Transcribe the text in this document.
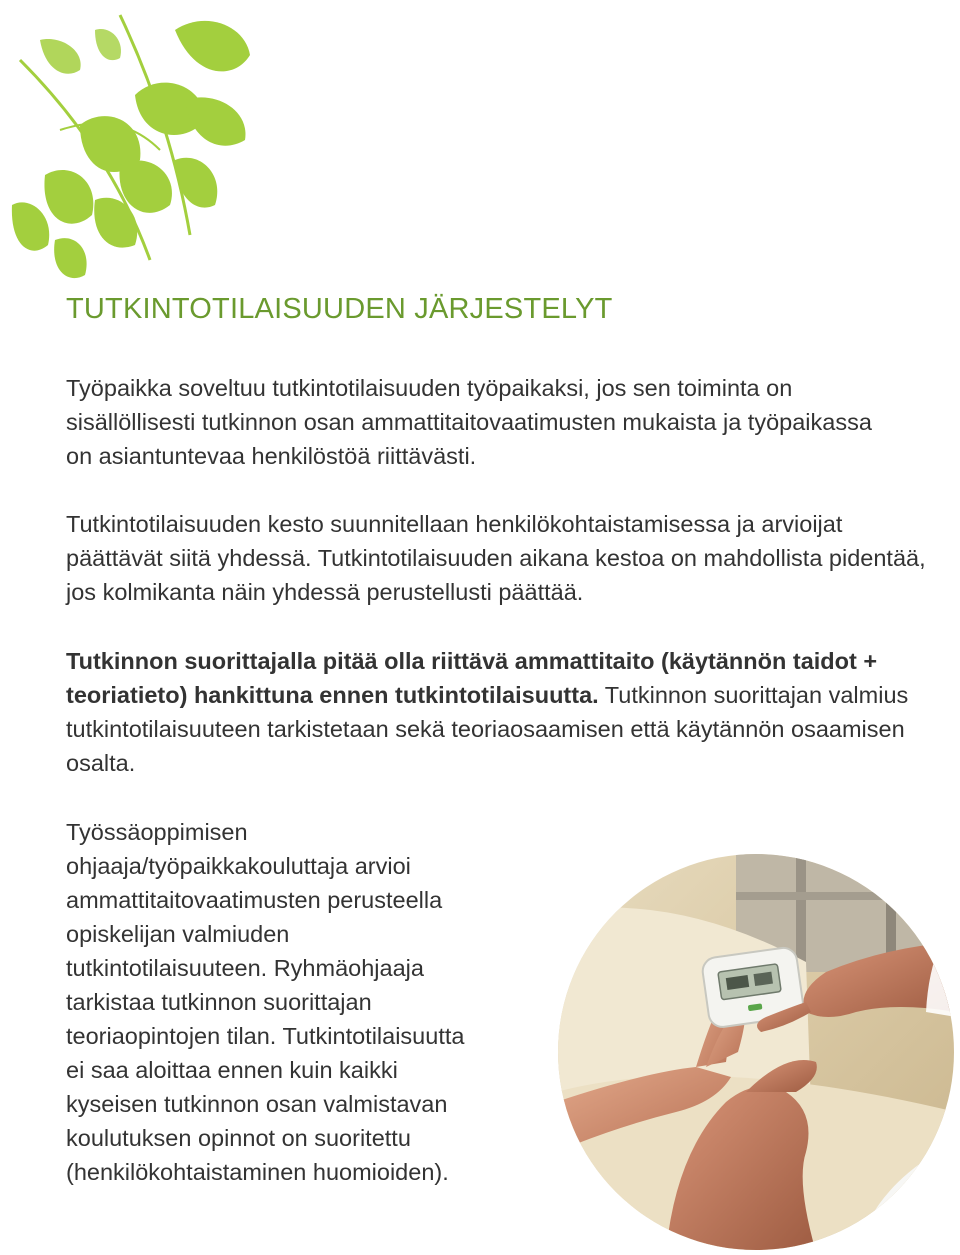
TUTKINTOTILAISUUDEN JÄRJESTELYT

Työpaikka soveltuu tutkintotilaisuuden työpaikaksi, jos sen toiminta on sisällöllisesti tutkinnon osan ammattitaitovaatimusten mukaista ja työpaikassa on asiantuntevaa henkilöstöä riittävästi.

Tutkintotilaisuuden kesto suunnitellaan henkilökohtaistamisessa ja arvioijat päättävät siitä yhdessä. Tutkintotilaisuuden aikana kestoa on mahdollista pidentää, jos kolmikanta näin yhdessä perustellusti päättää.

Tutkinnon suorittajalla pitää olla riittävä ammattitaito (käytännön taidot + teoriatieto) hankittuna ennen tutkintotilaisuutta. Tutkinnon suorittajan valmius tutkintotilaisuuteen tarkistetaan sekä teoriaosaamisen että käytännön osaamisen osalta.

Työssäoppimisen ohjaaja/työpaikkakouluttaja arvioi ammattitaitovaatimusten perusteella opiskelijan valmiuden tutkintotilaisuuteen. Ryhmäohjaaja tarkistaa tutkinnon suorittajan teoriaopintojen tilan. Tutkintotilaisuutta ei saa aloittaa ennen kuin kaikki kyseisen tutkinnon osan valmistavan koulutuksen opinnot on suoritettu (henkilökohtaistaminen huomioiden).
